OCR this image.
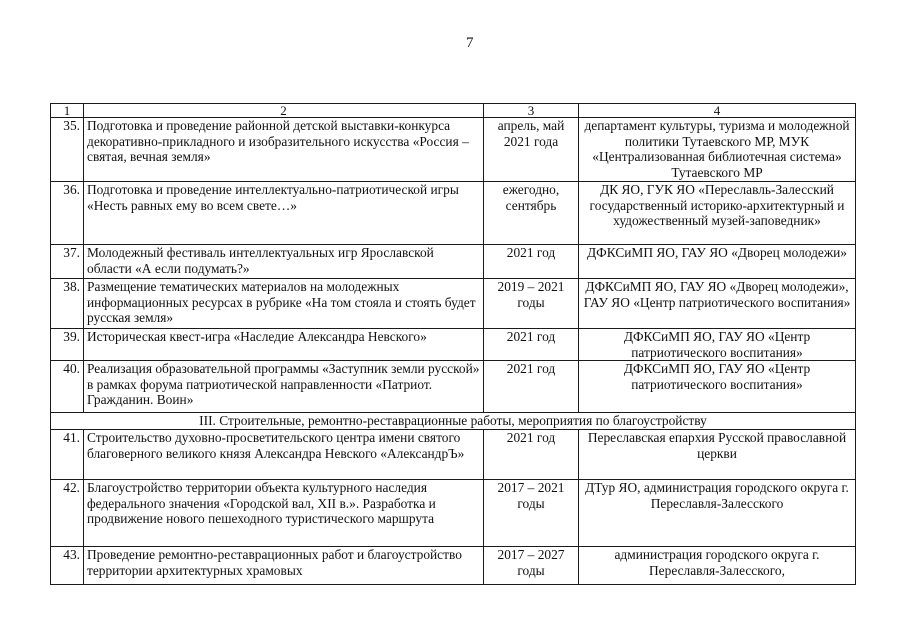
7
1	2	3	4
35.	Подготовка и проведение районной детской выставки-конкурса декоративно-прикладного и изобразительного искусства «Россия – святая, вечная земля»	апрель, май 2021 года	департамент культуры, туризма и молодежной политики Тутаевского МР, МУК «Централизованная библиотечная система» Тутаевского МР
36.	Подготовка и проведение интеллектуально-патриотической игры «Несть равных ему во всем свете…»	ежегодно, сентябрь	ДК ЯО, ГУК ЯО «Переславль-Залесский государственный историко-архитектурный и художественный музей-заповедник»
37.	Молодежный фестиваль интеллектуальных игр Ярославской области «А если подумать?»	2021 год	ДФКСиМП ЯО, ГАУ ЯО «Дворец молодежи»
38.	Размещение тематических материалов на молодежных информационных ресурсах в рубрике «На том стояла и стоять будет русская земля»	2019 – 2021 годы	ДФКСиМП ЯО, ГАУ ЯО «Дворец молодежи», ГАУ ЯО «Центр патриотического воспитания»
39.	Историческая квест-игра «Наследие Александра Невского»	2021 год	ДФКСиМП ЯО, ГАУ ЯО «Центр патриотического воспитания»
40.	Реализация образовательной программы «Заступник земли русской» в рамках форума патриотической направленности «Патриот. Гражданин. Воин»	2021 год	ДФКСиМП ЯО, ГАУ ЯО «Центр патриотического воспитания»
III. Строительные, ремонтно-реставрационные работы, мероприятия по благоустройству			
41.	Строительство духовно-просветительского центра имени святого благоверного великого князя Александра Невского «АлександрЪ»	2021 год	Переславская епархия Русской православной церкви
42.	Благоустройство территории объекта культурного наследия федерального значения «Городской вал, XII в.». Разработка и продвижение нового пешеходного туристического маршрута	2017 – 2021 годы	ДТур ЯО, администрация городского округа г. Переславля-Залесского
43.	Проведение ремонтно-реставрационных работ и благоустройство территории архитектурных храмовых	2017 – 2027 годы	администрация городского округа г. Переславля-Залесского,
